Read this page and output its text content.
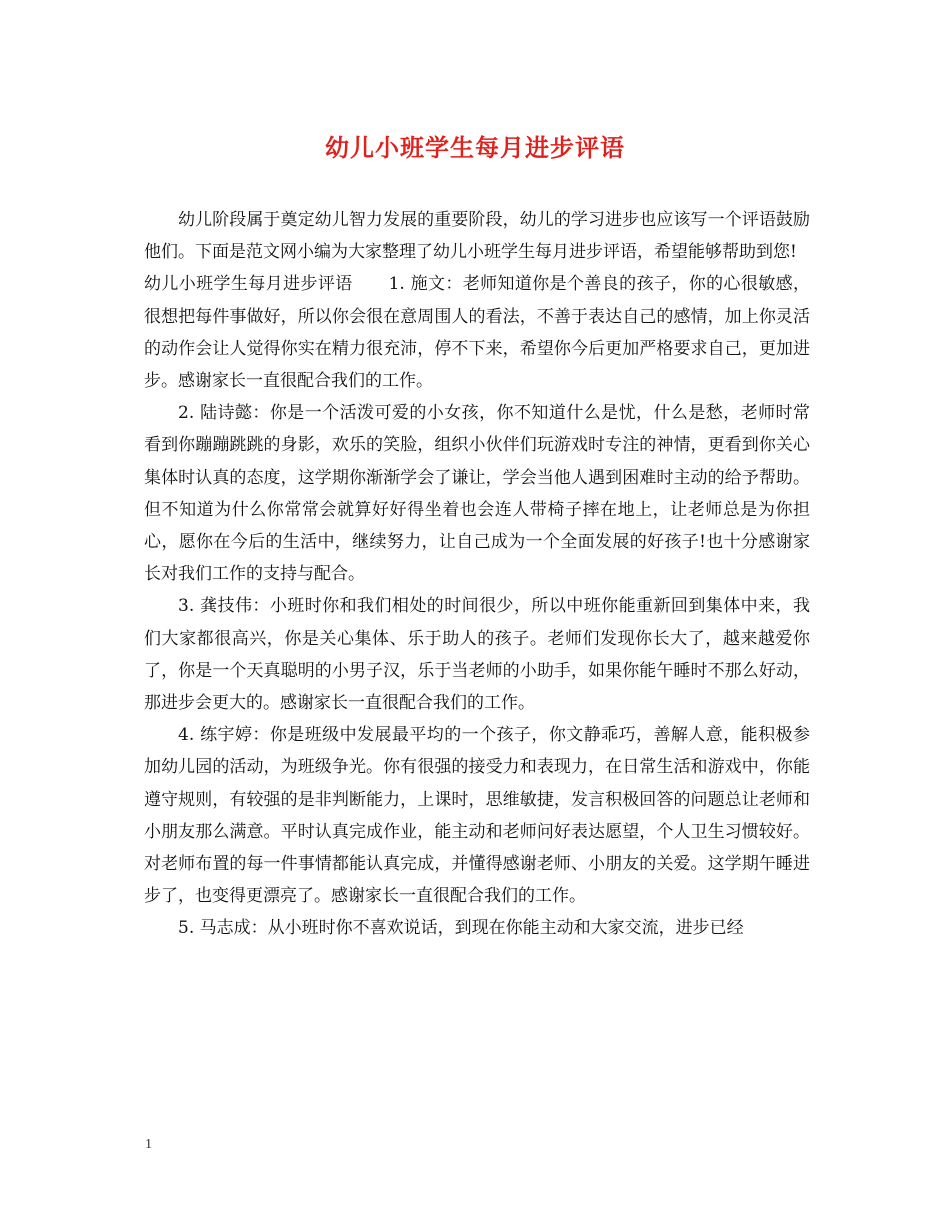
幼儿小班学生每月进步评语

幼儿阶段属于奠定幼儿智力发展的重要阶段，幼儿的学习进步也应该写一个评语鼓励他们。下面是范文网小编为大家整理了幼儿小班学生每月进步评语，希望能够帮助到您!

幼儿小班学生每月进步评语 1. 施文：老师知道你是个善良的孩子，你的心很敏感，很想把每件事做好，所以你会很在意周围人的看法，不善于表达自己的感情，加上你灵活的动作会让人觉得你实在精力很充沛，停不下来，希望你今后更加严格要求自己，更加进步。感谢家长一直很配合我们的工作。

2. 陆诗懿：你是一个活泼可爱的小女孩，你不知道什么是忧，什么是愁，老师时常看到你蹦蹦跳跳的身影，欢乐的笑脸，组织小伙伴们玩游戏时专注的神情，更看到你关心集体时认真的态度，这学期你渐渐学会了谦让，学会当他人遇到困难时主动的给予帮助。但不知道为什么你常常会就算好好得坐着也会连人带椅子摔在地上，让老师总是为你担心，愿你在今后的生活中，继续努力，让自己成为一个全面发展的好孩子!也十分感谢家长对我们工作的支持与配合。

3. 龚技伟：小班时你和我们相处的时间很少，所以中班你能重新回到集体中来，我们大家都很高兴，你是关心集体、乐于助人的孩子。老师们发现你长大了，越来越爱你了，你是一个天真聪明的小男子汉，乐于当老师的小助手，如果你能午睡时不那么好动，那进步会更大的。感谢家长一直很配合我们的工作。

4. 练宇婷：你是班级中发展最平均的一个孩子，你文静乖巧，善解人意，能积极参加幼儿园的活动，为班级争光。你有很强的接受力和表现力，在日常生活和游戏中，你能遵守规则，有较强的是非判断能力，上课时，思维敏捷，发言积极回答的问题总让老师和小朋友那么满意。平时认真完成作业，能主动和老师问好表达愿望，个人卫生习惯较好。对老师布置的每一件事情都能认真完成，并懂得感谢老师、小朋友的关爱。这学期午睡进步了，也变得更漂亮了。感谢家长一直很配合我们的工作。

5. 马志成：从小班时你不喜欢说话，到现在你能主动和大家交流，进步已经

1
